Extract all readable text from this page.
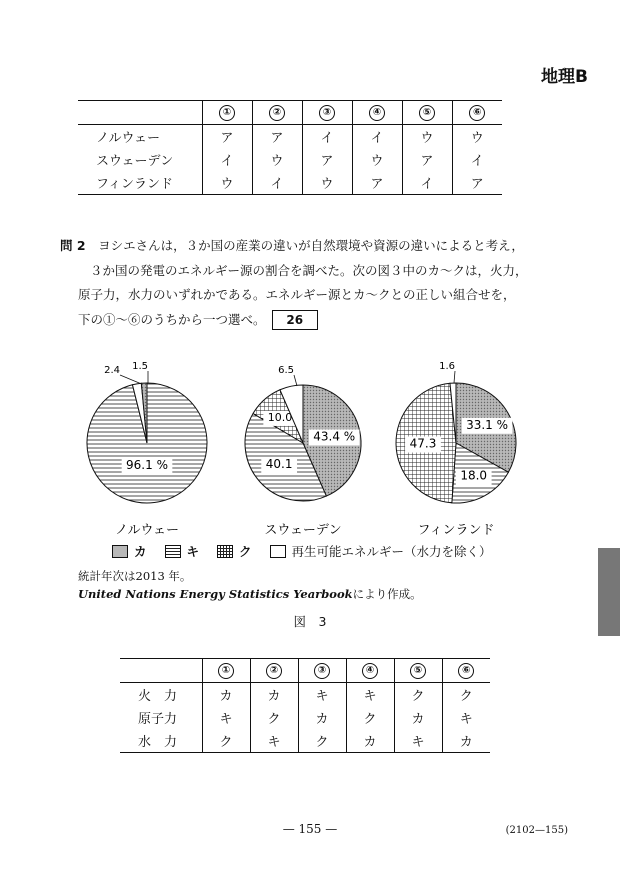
地理B
	①	②	③	④	⑤	⑥
ノルウェー	ア	ア	イ	イ	ウ	ウ
スウェーデン	イ	ウ	ア	ウ	ア	イ
フィンランド	ウ	イ	ウ	ア	イ	ア
問 2　 ヨシエさんは，３か国の産業の違いが自然環境や資源の違いによると考え，
３か国の発電のエネルギー源の割合を調べた。次の図３中のカ～クは，火力，
原子力，水力のいずれかである。エネルギー源とカ～クとの正しい組合せを，
下の①～⑥のうちから一つ選べ。　 26
96.1 %
2.4 1.5
43.4 %
40.1
10.0
6.5
33.1 %
18.0
47.3
1.6
ノルウェー	スウェーデン	フィンランド
カ	キ	ク	再生可能エネルギー（水力を除く）
統計年次は2013 年。
United Nations Energy Statistics Yearbookにより作成。
図　3
	①	②	③	④	⑤	⑥
火　力	カ	カ	キ	キ	ク	ク
原子力	キ	ク	カ	ク	カ	キ
水　力	ク	キ	ク	カ	キ	カ
— 155 —	(2102—155)
